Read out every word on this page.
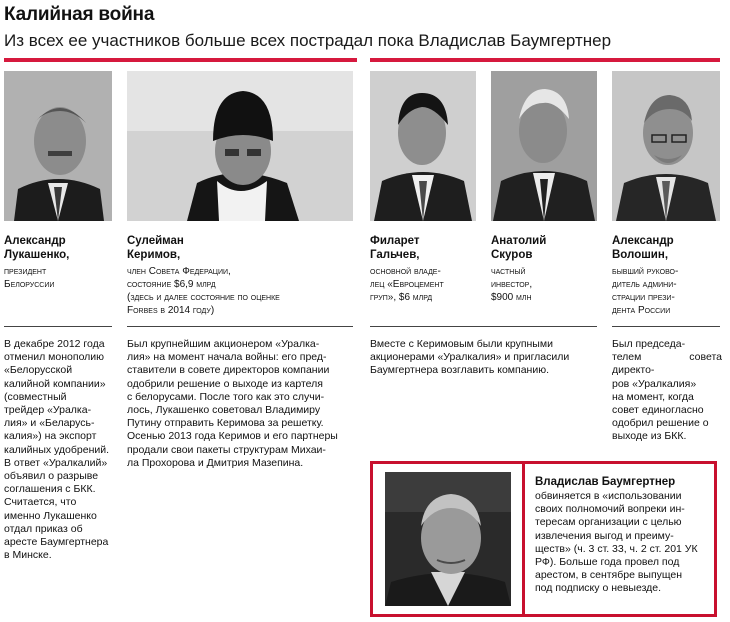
Калийная война
Из всех ее участников больше всех пострадал пока Владислав Баумгертнер
Александр
Лукашенко,
президент
Белоруссии
Сулейман
Керимов,
член Совета Федерации,
состояние $6,9 млрд
(здесь и далее состояние по оценке
Forbes в 2014 году)
Филарет
Гальчев,
основной владе-
лец «Евроцемент
груп», $6 млрд
Анатолий
Скуров
частный
инвестор,
$900 млн
Александр
Волошин,
бывший руково-
дитель админи-
страции прези-
дента России
В декабре 2012 года
отменил монополию
«Белорусской
калийной компании»
(совместный
трейдер «Уралка-
лия» и «Беларусь-
калия») на экспорт
калийных удобрений.
В ответ «Уралкалий»
объявил о разрыве
соглашения с БКК.
Считается, что
именно Лукашенко
отдал приказ об
аресте Баумгертнера
в Минске.
Был крупнейшим акционером «Уралка-
лия» на момент начала войны: его пред-
ставители в совете директоров компании
одобрили решение о выходе из картеля
с белорусами. После того как это случи-
лось, Лукашенко советовал Владимиру
Путину отправить Керимова за решетку.
Осенью 2013 года Керимов и его партнеры
продали свои пакеты структурам Михаи-
ла Прохорова и Дмитрия Мазепина.
Вместе с Керимовым были крупными
акционерами «Уралкалия» и пригласили
Баумгертнера возглавить компанию.
Был председа-
телем совета директо-
ров «Уралкалия»
на момент, когда
совет единогласно
одобрил решение о
выходе из БКК.
Владислав Баумгертнер
обвиняется в «использовании
своих полномочий вопреки ин-
тересам организации с целью
извлечения выгод и преиму-
ществ» (ч. 3 ст. 33, ч. 2 ст. 201 УК
РФ). Больше года провел под
арестом, в сентябре выпущен
под подписку о невыезде.
